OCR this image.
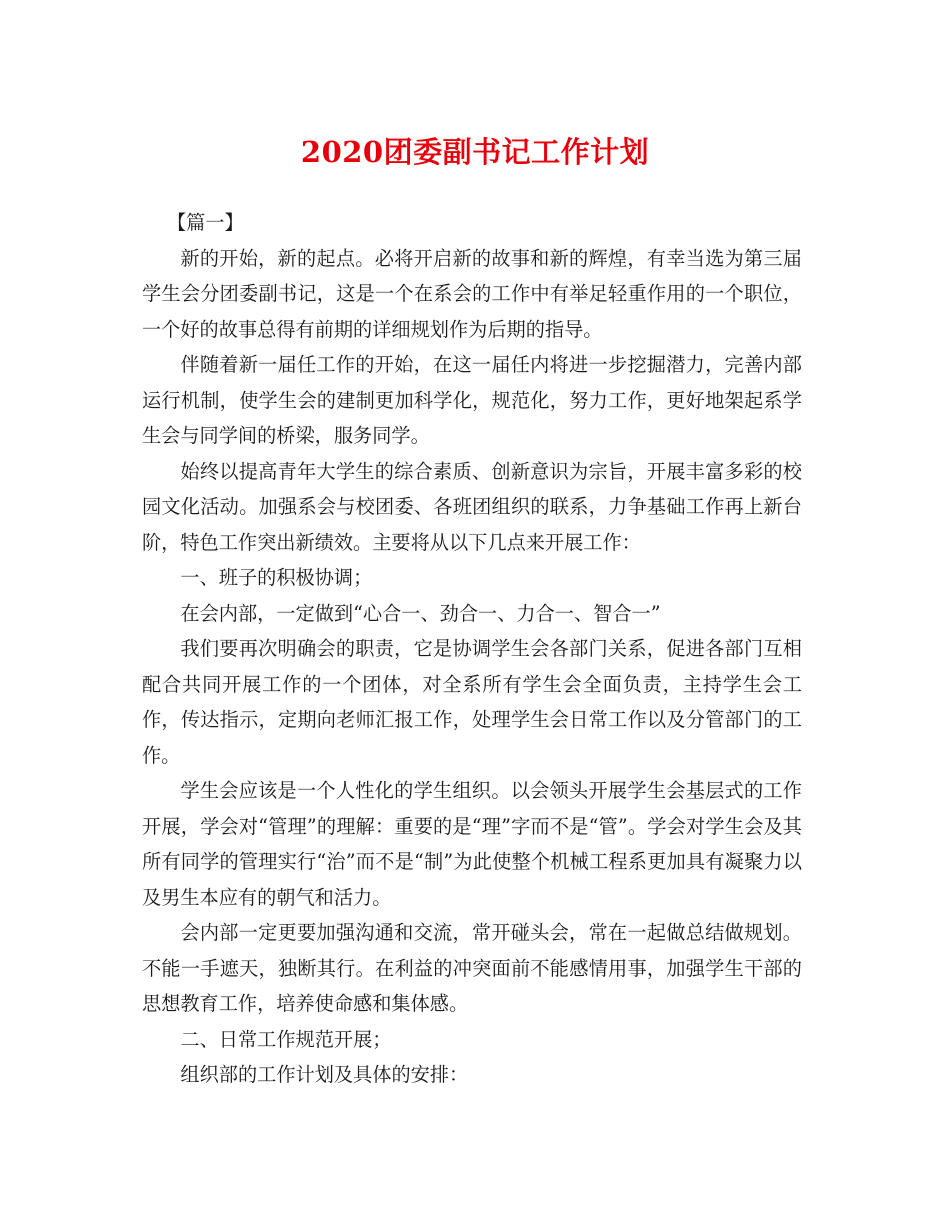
2020团委副书记工作计划

【篇一】

新的开始，新的起点。必将开启新的故事和新的辉煌，有幸当选为第三届学生会分团委副书记，这是一个在系会的工作中有举足轻重作用的一个职位，一个好的故事总得有前期的详细规划作为后期的指导。

伴随着新一届任工作的开始，在这一届任内将进一步挖掘潜力，完善内部运行机制，使学生会的建制更加科学化，规范化，努力工作，更好地架起系学生会与同学间的桥梁，服务同学。

始终以提高青年大学生的综合素质、创新意识为宗旨，开展丰富多彩的校园文化活动。加强系会与校团委、各班团组织的联系，力争基础工作再上新台阶，特色工作突出新绩效。主要将从以下几点来开展工作：

一、班子的积极协调；

在会内部，一定做到“心合一、劲合一、力合一、智合一”

我们要再次明确会的职责，它是协调学生会各部门关系，促进各部门互相配合共同开展工作的一个团体，对全系所有学生会全面负责，主持学生会工作，传达指示，定期向老师汇报工作，处理学生会日常工作以及分管部门的工作。

学生会应该是一个人性化的学生组织。以会领头开展学生会基层式的工作开展，学会对“管理”的理解：重要的是“理”字而不是“管”。学会对学生会及其所有同学的管理实行“治”而不是“制”为此使整个机械工程系更加具有凝聚力以及男生本应有的朝气和活力。

会内部一定更要加强沟通和交流，常开碰头会，常在一起做总结做规划。不能一手遮天，独断其行。在利益的冲突面前不能感情用事，加强学生干部的思想教育工作，培养使命感和集体感。

二、日常工作规范开展；

组织部的工作计划及具体的安排：
